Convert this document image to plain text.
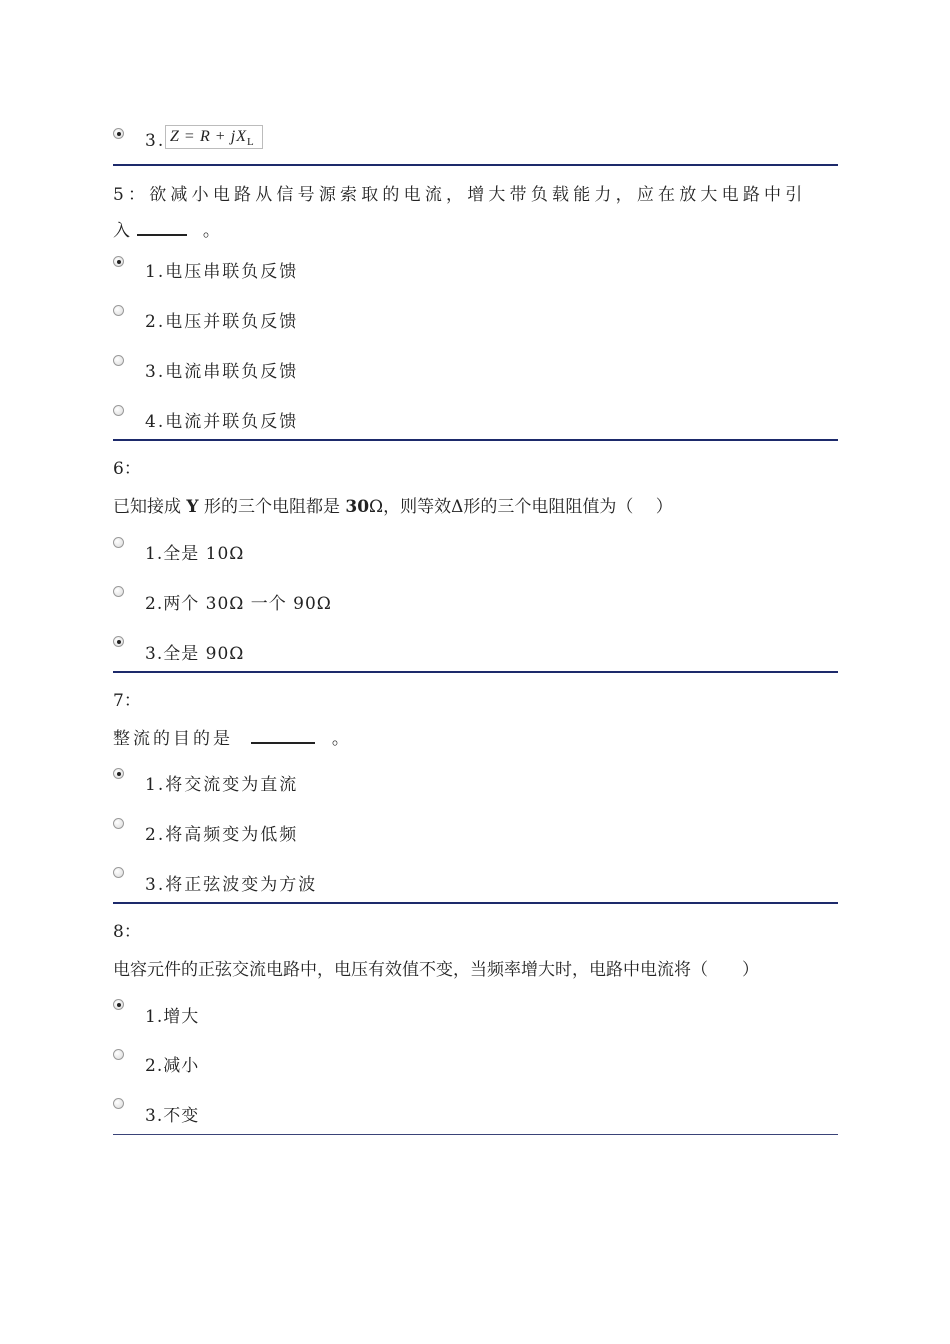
3. $Z = R + jX_L$
5：欲减小电路从信号源索取的电流，增大带负载能力，应在放大电路中引
入	。
1.电压串联负反馈
2.电压并联负反馈
3.电流串联负反馈
4.电流并联负反馈
6：
已知接成 Y 形的三个电阻都是 30Ω，则等效Δ形的三个电阻阻值为（　 ）
1.全是 10Ω
2.两个 30Ω 一个 90Ω
3.全是 90Ω
7：
整流的目的是	。
1.将交流变为直流
2.将高频变为低频
3.将正弦波变为方波
8：
电容元件的正弦交流电路中，电压有效值不变，当频率增大时，电路中电流将（　　）
1.增大
2.减小
3.不变
